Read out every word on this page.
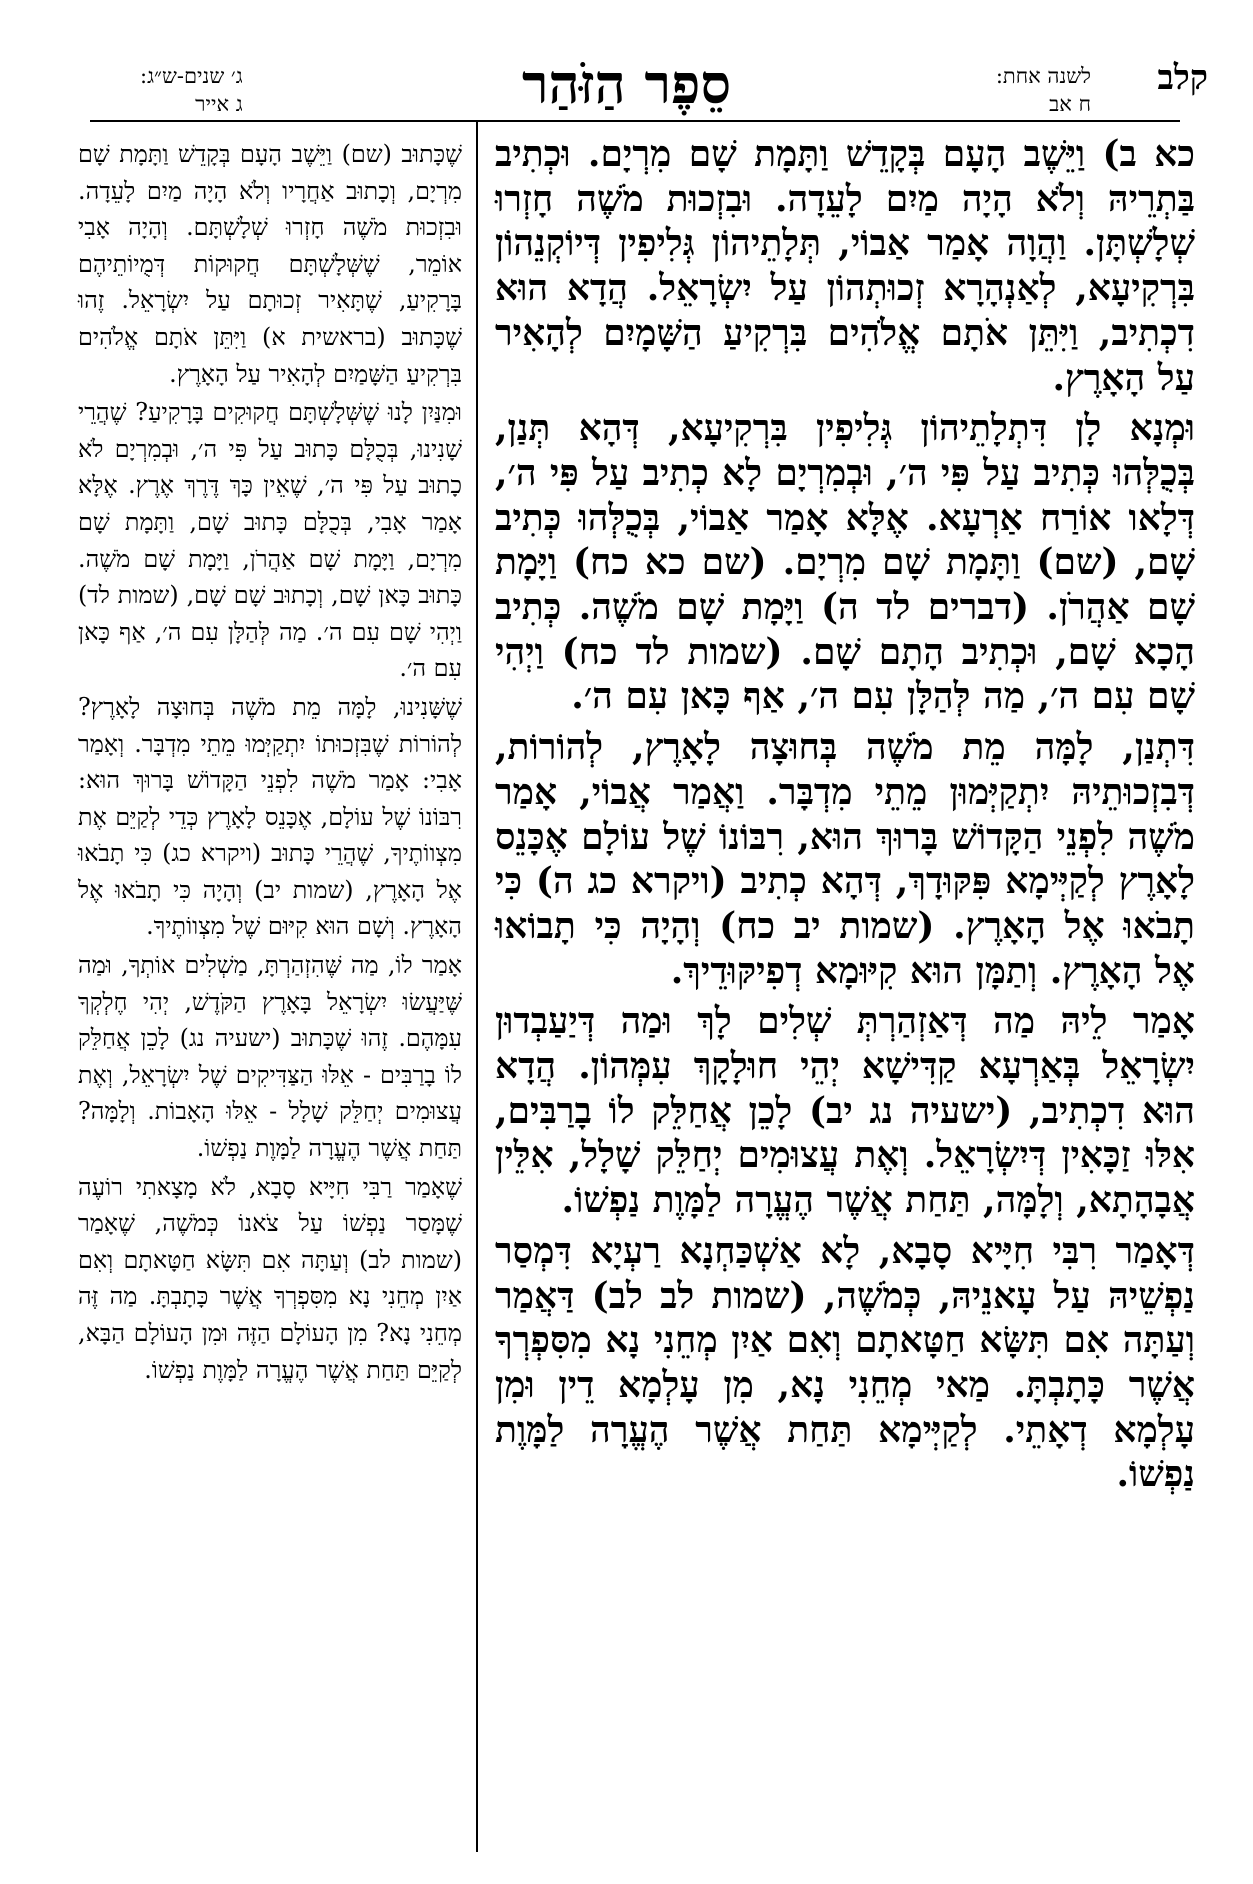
קלב
לשנה אחת:
ח אב
סֵפֶר הַזֹּהַר
ג׳ שנים-ש״ג:
ג אייר

כא ב) וַיֵּשֶׁב הָעָם בְּקָדֵשׁ וַתָּמָת שָׁם מִרְיָם. וּכְתִיב בַּתְרֵיהּ וְלֹא הָיָה מַיִם לָעֵדָה. וּבִזְכוּת מֹשֶׁה חָזְרוּ שְׁלָשְׁתָּן. וַהֲוָה אָמַר אַבוֹי, תְּלָתֵיהוֹן גְּלִיפִין דְּיוֹקְנֵהוֹן בִּרְקִיעָא, לְאַנְהָרָא זְכוּתְהוֹן עַל יִשְׂרָאֵל. הֲדָא הוּא דִכְתִיב, וַיִּתֵּן אֹתָם אֱלֹהִים בִּרְקִיעַ הַשָּׁמָיִם לְהָאִיר עַל הָאָרֶץ.

וּמְנָא לָן דִּתְלָתֵיהוֹן גְּלִיפִין בִּרְקִיעָא, דְּהָא תְּנַן, בְּכֻלְּהוּ כְּתִיב עַל פִּי ה׳, וּבְמִרְיָם לָא כְתִיב עַל פִּי ה׳, דְּלָאו אוֹרַח אַרְעָא. אֶלָּא אָמַר אַבוֹי, בְּכֻלְּהוּ כְּתִיב שָׁם, (שם) וַתָּמָת שָׁם מִרְיָם. (שם כא כח) וַיָּמָת שָׁם אַהֲרֹן. (דברים לד ה) וַיָּמָת שָׁם מֹשֶׁה. כְּתִיב הָכָא שָׁם, וּכְתִיב הָתָם שָׁם. (שמות לד כח) וַיְהִי שָׁם עִם ה׳, מַה לְּהַלָּן עִם ה׳, אַף כָּאן עִם ה׳.

דִּתְנַן, לָמָּה מֵת מֹשֶׁה בְּחוּצָה לָאָרֶץ, לְהוֹרוֹת, דְּבִזְכוּתֵיהּ יִתְקַיְּמוּן מֵתֵי מִדְבָּר. וַאֲמַר אֲבוֹי, אָמַר מֹשֶׁה לִפְנֵי הַקָּדוֹשׁ בָּרוּךְ הוּא, רִבּוֹנוֹ שֶׁל עוֹלָם אֶכָּנֵס לָאָרֶץ לְקַיְּימָא פִּקּוּדָךְ, דְּהָא כְתִיב (ויקרא כג ה) כִּי תָבֹאוּ אֶל הָאָרֶץ. (שמות יב כח) וְהָיָה כִּי תָבוֹאוּ אֶל הָאָרֶץ. וְתַמָּן הוּא קִיּוּמָא דְפִיקּוּדֵיךְ.

אָמַר לֵיהּ מַה דְּאַזְהַרְתְּ שְׁלִים לָךְ וּמַה דְּיַעַבְדוּן יִשְׂרָאֵל בְּאַרְעָא קַדִּישָׁא יְהֵי חוּלָקָךְ עִמְּהוֹן. הֲדָא הוּא דִכְתִיב, (ישעיה נג יב) לָכֵן אֲחַלֵּק לוֹ בָרַבִּים, אִלּוּ זַכָּאִין דְּיִשְׂרָאֵל. וְאֶת עֲצוּמִים יְחַלֵּק שָׁלָל, אִלֵּין אֲבָהָתָא, וְלָמָּה, תַּחַת אֲשֶׁר הֶעֱרָה לַמָּוֶת נַפְשׁוֹ.

דְּאָמַר רִבִּי חִיָּיא סָבָא, לָא אַשְׁכַּחְנָא רַעְיָא דִּמְסַר נַפְשֵׁיהּ עַל עָאנֵיהּ, כְּמֹשֶׁה, (שמות לב לב) דַּאֲמַר וְעַתָּה אִם תִּשָּׂא חַטָּאתָם וְאִם אַיִן מְחֵנִי נָא מִסִּפְרְךָ אֲשֶׁר כָּתָבְתָּ. מַאי מְחֵנִי נָא, מִן עָלְמָא דֵין וּמִן עָלְמָא דְאָתֵי. לְקַיְּימָא תַּחַת אֲשֶׁר הֶעֱרָה לַמָּוֶת נַפְשׁוֹ.

שֶׁכָּתוּב (שם) וַיֵּשֶׁב הָעָם בְּקָדֵשׁ וַתָּמָת שָׁם מִרְיָם, וְכָתוּב אַחֲרָיו וְלֹא הָיָה מַיִם לָעֵדָה. וּבִזְכוּת מֹשֶׁה חָזְרוּ שְׁלָשְׁתָּם. וְהָיָה אָבִי אוֹמֵר, שֶׁשְּׁלָשְׁתָּם חֲקוּקוֹת דְּמֻיוֹתֵיהֶם בָּרָקִיעַ, שֶׁתָּאִיר זְכוּתָם עַל יִשְׂרָאֵל. זֶהוּ שֶׁכָּתוּב (בראשית א) וַיִּתֵּן אֹתָם אֱלֹהִים בִּרְקִיעַ הַשָּׁמַיִם לְהָאִיר עַל הָאָרֶץ.

וּמִנַּיִן לָנוּ שֶׁשְּׁלָשְׁתָּם חֲקוּקִים בָּרָקִיעַ? שֶׁהֲרֵי שָׁנִינוּ, בְּכֻלָּם כָּתוּב עַל פִּי ה׳, וּבְמִרְיָם לֹא כָתוּב עַל פִּי ה׳, שֶׁאֵין כָּךְ דֶּרֶךְ אֶרֶץ. אֶלָּא אָמַר אָבִי, בְּכֻלָּם כָּתוּב שָׁם, וַתָּמָת שָׁם מִרְיָם, וַיָּמָת שָׁם אַהֲרֹן, וַיָּמָת שָׁם מֹשֶׁה. כָּתוּב כָּאן שָׁם, וְכָתוּב שָׁם שָׁם, (שמות לד) וַיְהִי שָׁם עִם ה׳. מַה לְּהַלָּן עִם ה׳, אַף כָּאן עִם ה׳.

שֶׁשָּׁנִינוּ, לָמָּה מֵת מֹשֶׁה בְּחוּצָה לָאָרֶץ? לְהוֹרוֹת שֶׁבִּזְכוּתוֹ יִתְקַיְּמוּ מֵתֵי מִדְבָּר. וְאָמַר אָבִי: אָמַר מֹשֶׁה לִפְנֵי הַקָּדוֹשׁ בָּרוּךְ הוּא: רִבּוֹנוֹ שֶׁל עוֹלָם, אֶכָּנֵס לָאָרֶץ כְּדֵי לְקַיֵּם אֶת מִצְווֹתֶיךָ, שֶׁהֲרֵי כָּתוּב (ויקרא כג) כִּי תָבֹאוּ אֶל הָאָרֶץ, (שמות יב) וְהָיָה כִּי תָבֹאוּ אֶל הָאָרֶץ. וְשָׁם הוּא קִיּוּם שֶׁל מִצְווֹתֶיךָ.

אָמַר לוֹ, מַה שֶּׁהִזְהַרְתָּ, מַשְׁלִים אוֹתְךָ, וּמַה שֶּׁיַּעֲשׂוּ יִשְׂרָאֵל בָּאָרֶץ הַקֹּדֶשׁ, יְהִי חֶלְקְךָ עִמָּהֶם. זֶהוּ שֶׁכָּתוּב (ישעיה נג) לָכֵן אֲחַלֵּק לוֹ בָרַבִּים - אֵלּוּ הַצַּדִּיקִים שֶׁל יִשְׂרָאֵל, וְאֶת עֲצוּמִים יְחַלֵּק שָׁלָל - אֵלּוּ הָאָבוֹת. וְלָמָּה? תַּחַת אֲשֶׁר הֶעֱרָה לַמָּוֶת נַפְשׁוֹ.

שֶׁאָמַר רַבִּי חִיָּיא סָבָא, לֹא מָצָאתִי רוֹעֶה שֶׁמָּסַר נַפְשׁוֹ עַל צֹאנוֹ כְּמֹשֶׁה, שֶׁאָמַר (שמות לב) וְעַתָּה אִם תִּשָּׂא חַטָּאתָם וְאִם אַיִן מְחֵנִי נָא מִסִּפְרְךָ אֲשֶׁר כָּתָבְתָּ. מַה זֶּה מְחֵנִי נָא? מִן הָעוֹלָם הַזֶּה וּמִן הָעוֹלָם הַבָּא, לְקַיֵּם תַּחַת אֲשֶׁר הֶעֱרָה לַמָּוֶת נַפְשׁוֹ.
